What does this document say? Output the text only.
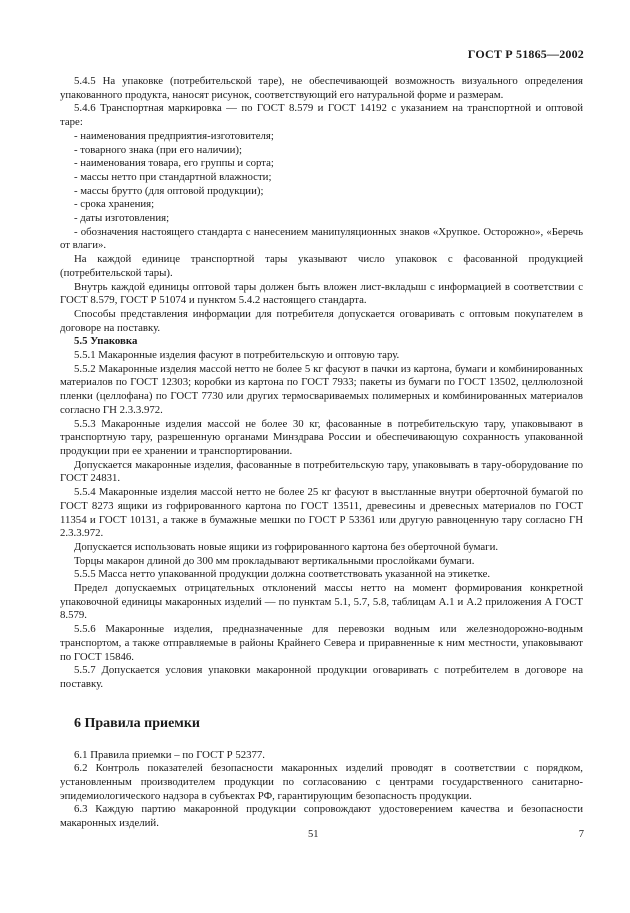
ГОСТ Р 51865—2002

5.4.5 На упаковке (потребительской таре), не обеспечивающей возможность визуального определения упакованного продукта, наносят рисунок, соответствующий его натуральной форме и размерам.

5.4.6 Транспортная маркировка — по ГОСТ 8.579 и ГОСТ 14192 с указанием на транспортной и оптовой таре:

- наименования предприятия-изготовителя;

- товарного знака (при его наличии);

- наименования товара, его группы и сорта;

- массы нетто при стандартной влажности;

- массы брутто (для оптовой продукции);

- срока хранения;

- даты изготовления;

- обозначения настоящего стандарта с нанесением манипуляционных знаков «Хрупкое. Осторожно», «Беречь от влаги».

На каждой единице транспортной тары указывают число упаковок с фасованной продукцией (потребительской тары).

Внутрь каждой единицы оптовой тары должен быть вложен лист-вкладыш с информацией в соответствии с ГОСТ 8.579, ГОСТ Р 51074 и пунктом 5.4.2 настоящего стандарта.

Способы представления информации для потребителя допускается оговаривать с оптовым покупателем в договоре на поставку.

5.5 Упаковка

5.5.1 Макаронные изделия фасуют в потребительскую и оптовую тару.

5.5.2 Макаронные изделия массой нетто не более 5 кг фасуют в пачки из картона, бумаги и комбинированных материалов по ГОСТ 12303; коробки из картона по ГОСТ 7933; пакеты из бумаги по ГОСТ 13502, целлюлозной пленки (целлофана) по ГОСТ 7730 или других термосвариваемых полимерных и комбинированных материалов согласно ГН 2.3.3.972.

5.5.3 Макаронные изделия массой не более 30 кг, фасованные в потребительскую тару, упаковывают в транспортную тару, разрешенную органами Минздрава России и обеспечивающую сохранность упакованной продукции при ее хранении и транспортировании.

Допускается макаронные изделия, фасованные в потребительскую тару, упаковывать в тару-оборудование по ГОСТ 24831.

5.5.4 Макаронные изделия массой нетто не более 25 кг фасуют в выстланные внутри оберточной бумагой по ГОСТ 8273 ящики из гофрированного картона по ГОСТ 13511, древесины и древесных материалов по ГОСТ 11354 и ГОСТ 10131, а также в бумажные мешки по ГОСТ Р 53361 или другую равноценную тару согласно ГН 2.3.3.972.

Допускается использовать новые ящики из гофрированного картона без оберточной бумаги.

Торцы макарон длиной до 300 мм прокладывают вертикальными прослойками бумаги.

5.5.5 Масса нетто упакованной продукции должна соответствовать указанной на этикетке.

Предел допускаемых отрицательных отклонений массы нетто на момент формирования конкретной упаковочной единицы макаронных изделий — по пунктам 5.1, 5.7, 5.8, таблицам А.1 и А.2 приложения А ГОСТ 8.579.

5.5.6 Макаронные изделия, предназначенные для перевозки водным или железнодорожно-водным транспортом, а также отправляемые в районы Крайнего Севера и приравненные к ним местности, упаковывают по ГОСТ 15846.

5.5.7 Допускается условия упаковки макаронной продукции оговаривать с потребителем в договоре на поставку.

6 Правила приемки

6.1 Правила приемки – по ГОСТ Р 52377.

6.2 Контроль показателей безопасности макаронных изделий проводят в соответствии с порядком, установленным производителем продукции по согласованию с центрами государственного санитарно-эпидемиологического надзора в субъектах РФ, гарантирующим безопасность продукции.

6.3 Каждую партию макаронной продукции сопровождают удостоверением качества и безопасности макаронных изделий.

51	7
